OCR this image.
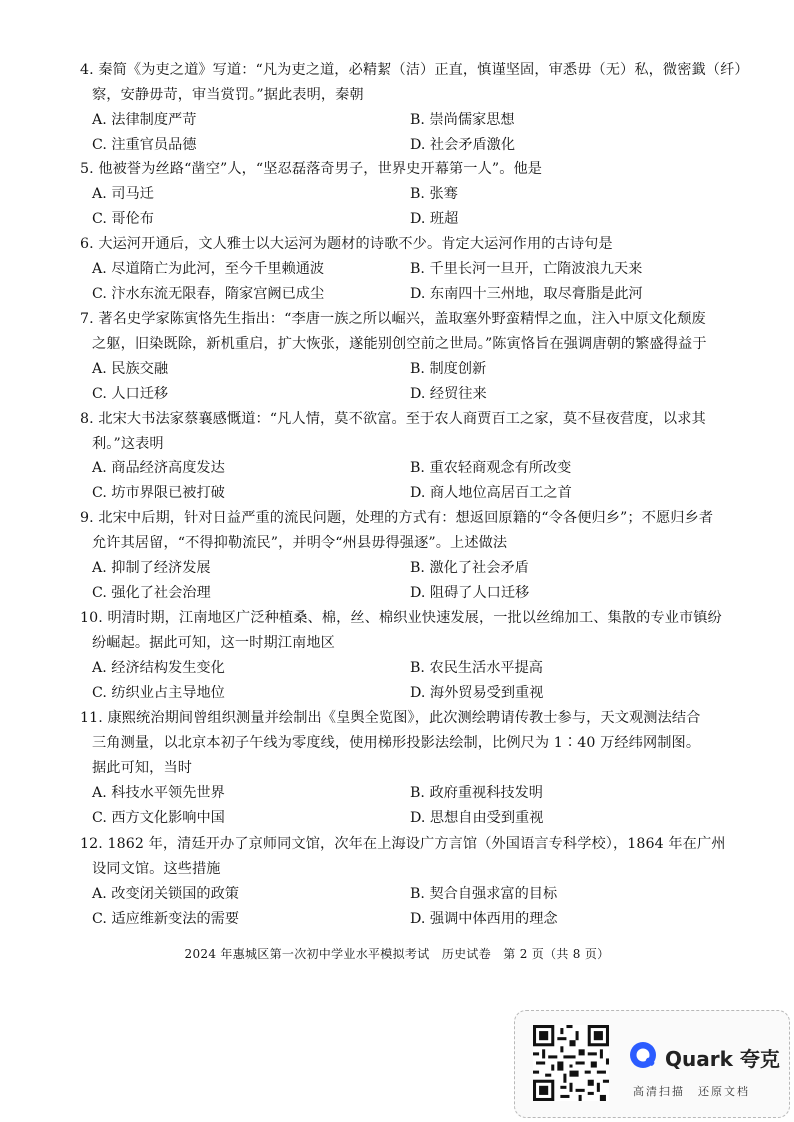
4. 秦简《为吏之道》写道：“凡为吏之道，必精絜（洁）正直，慎谨坚固，审悉毋（无）私，微密韱（纤）
察，安静毋苛，审当赏罚。”据此表明，秦朝
A. 法律制度严苛	B. 崇尚儒家思想
C. 注重官员品德	D. 社会矛盾激化
5. 他被誉为丝路“凿空”人，“坚忍磊落奇男子，世界史开幕第一人”。他是
A. 司马迁	B. 张骞
C. 哥伦布	D. 班超
6. 大运河开通后，文人雅士以大运河为题材的诗歌不少。肯定大运河作用的古诗句是
A. 尽道隋亡为此河，至今千里赖通波	B. 千里长河一旦开，亡隋波浪九天来
C. 汴水东流无限春，隋家宫阙已成尘	D. 东南四十三州地，取尽膏脂是此河
7. 著名史学家陈寅恪先生指出：“李唐一族之所以崛兴，盖取塞外野蛮精悍之血，注入中原文化颓废
之躯，旧染既除，新机重启，扩大恢张，遂能别创空前之世局。”陈寅恪旨在强调唐朝的繁盛得益于
A. 民族交融	B. 制度创新
C. 人口迁移	D. 经贸往来
8. 北宋大书法家蔡襄感慨道：“凡人情，莫不欲富。至于农人商贾百工之家，莫不昼夜营度，以求其
利。”这表明
A. 商品经济高度发达	B. 重农轻商观念有所改变
C. 坊市界限已被打破	D. 商人地位高居百工之首
9. 北宋中后期，针对日益严重的流民问题，处理的方式有：想返回原籍的“令各便归乡”；不愿归乡者
允许其居留，“不得抑勒流民”，并明令“州县毋得强逐”。上述做法
A. 抑制了经济发展	B. 激化了社会矛盾
C. 强化了社会治理	D. 阻碍了人口迁移
10. 明清时期，江南地区广泛种植桑、棉，丝、棉织业快速发展，一批以丝绵加工、集散的专业市镇纷
纷崛起。据此可知，这一时期江南地区
A. 经济结构发生变化	B. 农民生活水平提高
C. 纺织业占主导地位	D. 海外贸易受到重视
11. 康熙统治期间曾组织测量并绘制出《皇舆全览图》，此次测绘聘请传教士参与，天文观测法结合
三角测量，以北京本初子午线为零度线，使用梯形投影法绘制，比例尺为 1∶40 万经纬网制图。
据此可知，当时
A. 科技水平领先世界	B. 政府重视科技发明
C. 西方文化影响中国	D. 思想自由受到重视
12. 1862 年，清廷开办了京师同文馆，次年在上海设广方言馆（外国语言专科学校），1864 年在广州
设同文馆。这些措施
A. 改变闭关锁国的政策	B. 契合自强求富的目标
C. 适应维新变法的需要	D. 强调中体西用的理念
2024 年惠城区第一次初中学业水平模拟考试　历史试卷　第 2 页（共 8 页）
Quark 夸克
高清扫描　还原文档
